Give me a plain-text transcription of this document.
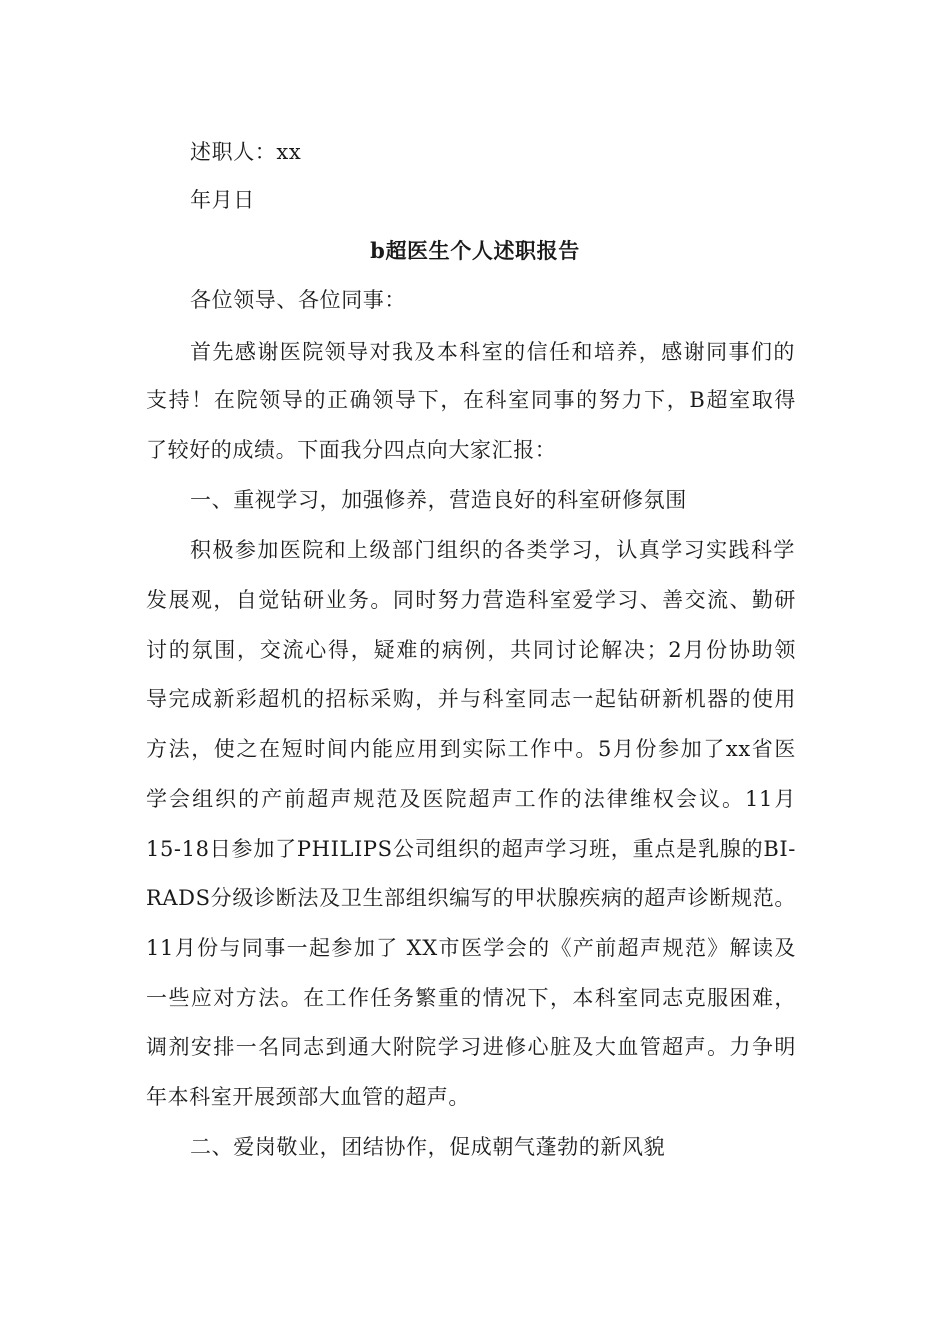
述职人：xx
年月日
b超医生个人述职报告
各位领导、各位同事：
首先感谢医院领导对我及本科室的信任和培养，感谢同事们的
支持！在院领导的正确领导下，在科室同事的努力下，B超室取得
了较好的成绩。下面我分四点向大家汇报：
一、重视学习，加强修养，营造良好的科室研修氛围
积极参加医院和上级部门组织的各类学习，认真学习实践科学
发展观，自觉钻研业务。同时努力营造科室爱学习、善交流、勤研
讨的氛围，交流心得，疑难的病例，共同讨论解决；2月份协助领
导完成新彩超机的招标采购，并与科室同志一起钻研新机器的使用
方法，使之在短时间内能应用到实际工作中。5月份参加了xx省医
学会组织的产前超声规范及医院超声工作的法律维权会议。11月
15-18日参加了PHILIPS公司组织的超声学习班，重点是乳腺的BI-
RADS分级诊断法及卫生部组织编写的甲状腺疾病的超声诊断规范。
11月份与同事一起参加了 XX市医学会的《产前超声规范》解读及
一些应对方法。在工作任务繁重的情况下，本科室同志克服困难，
调剂安排一名同志到通大附院学习进修心脏及大血管超声。力争明
年本科室开展颈部大血管的超声。
二、爱岗敬业，团结协作，促成朝气蓬勃的新风貌
